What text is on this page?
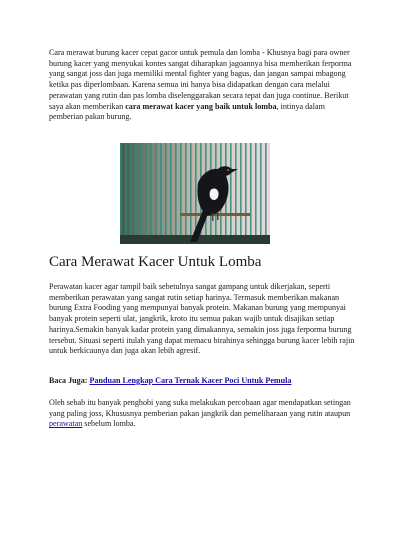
Cara merawat burung kacer cepat gacor untuk pemula dan lomba - Khusnya bagi para owner burung kacer yang menyukai kontes sangat diharapkan jagoannya bisa memberikan ferporma yang sangat joss dan juga memiliki mental fighter yang bagus, dan jangan sampai mbagong ketika pas diperlombaan. Karena semua ini hanya bisa didapatkan dengan cara melalui perawatan yang rutin dan pas lomba diselenggarakan secara tepat dan juga continue. Berikut saya akan memberikan cara merawat kacer yang baik untuk lomba, intinya dalam pemberian pakan burung.

Cara Merawat Kacer Untuk Lomba

Perawatan kacer agar tampil baik sebetulnya sangat gampang untuk dikerjakan, seperti memberikan perawatan yang sangat rutin setiap harinya. Termasuk memberikan makanan burung Extra Fooding yang mempunyai banyak protein. Makanan burung yang mempunyai banyak protein seperti ulat, jangkrik, kroto itu semua pakan wajib untuk disajikan setiap harinya.Semakin banyak kadar protein yang dimakannya, semakin joss juga ferporma burung tersebut. Situasi seperti itulah yang dapat memacu birahinya sehingga burung kacer lebih rajin untuk berkicaunya dan juga akan lebih agresif.

Baca Juga: Panduan Lengkap Cara Ternak Kacer Poci Untuk Pemula

Oleh sebab itu banyak penghobi yang suka melakukan percobaan agar mendapatkan setingan yang paling joss, Khususnya pemberian pakan jangkrik dan pemeliharaan yang rutin ataupun perawatan sebelum lomba.
